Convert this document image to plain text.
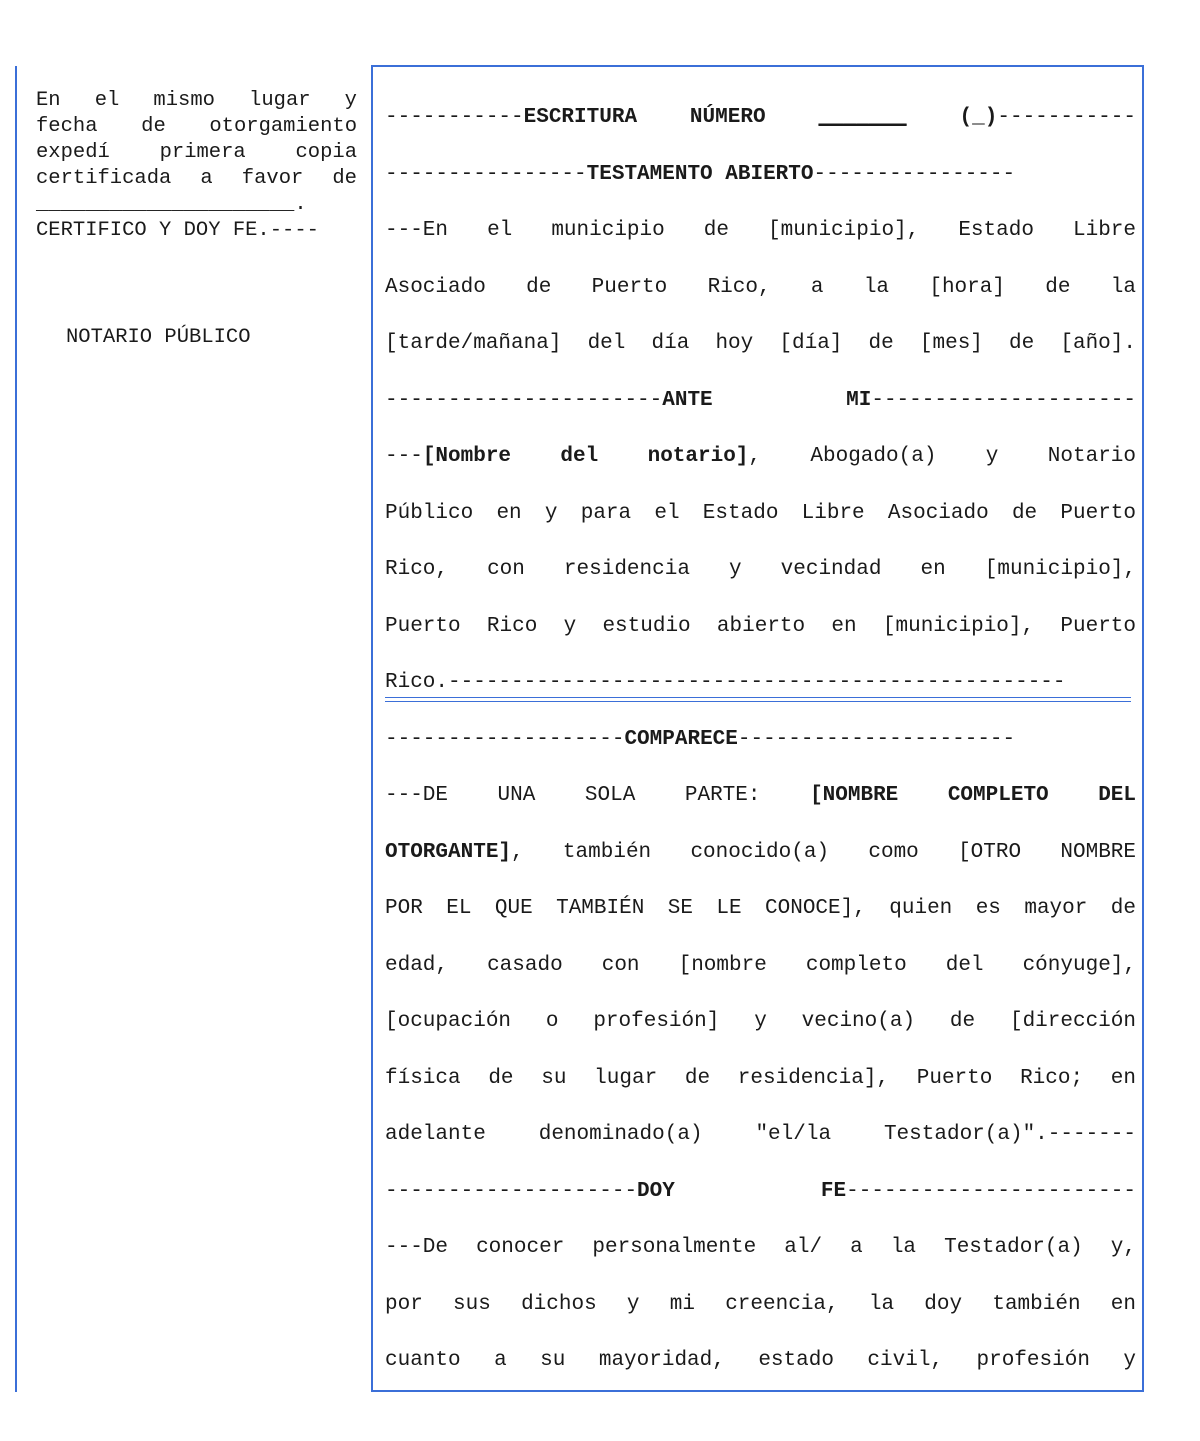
En el mismo lugar y
fecha de otorgamiento
expedí primera copia
certificada a favor de
_____________________.
CERTIFICO Y DOY FE.----
NOTARIO PÚBLICO
-----------ESCRITURA NÚMERO	_______	(_)-----------
----------------TESTAMENTO ABIERTO----------------
---En el municipio de [municipio], Estado Libre
Asociado de Puerto Rico, a la [hora] de la
[tarde/mañana] del día hoy [día] de [mes] de [año].
----------------------ANTE MI---------------------
---[Nombre del notario], Abogado(a) y Notario
Público en y para el Estado Libre Asociado de Puerto
Rico, con residencia y vecindad en [municipio],
Puerto Rico y estudio abierto en [municipio], Puerto
Rico.-------------------------------------------------
-------------------COMPARECE----------------------
---DE UNA SOLA PARTE: [NOMBRE COMPLETO DEL
OTORGANTE], también conocido(a) como [OTRO NOMBRE
POR EL QUE TAMBIÉN SE LE CONOCE], quien es mayor de
edad, casado con [nombre completo del cónyuge],
[ocupación o profesión] y vecino(a) de [dirección
física de su lugar de residencia], Puerto Rico; en
adelante denominado(a) "el/la Testador(a)".-------
--------------------DOY FE-----------------------
---De conocer personalmente al/ a la Testador(a) y,
por sus dichos y mi creencia, la doy también en
cuanto a su mayoridad, estado civil, profesión y
